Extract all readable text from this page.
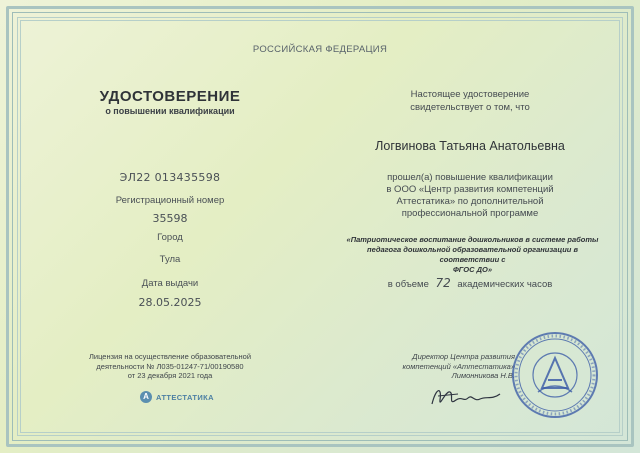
РОССИЙСКАЯ ФЕДЕРАЦИЯ
УДОСТОВЕРЕНИЕ
о повышении квалификации
ЭЛ22 013435598
Регистрационный номер
35598
Город
Тула
Дата выдачи
28.05.2025
Лицензия на осуществление образовательной
деятельности № Л035-01247-71/00190580
от 23 декабря 2021 года
А АТТЕСТАТИКА
Настоящее удостоверение
свидетельствует о том, что
Логвинова Татьяна Анатольевна
прошел(а) повышение квалификации
в ООО «Центр развития компетенций
Аттестатика» по дополнительной
профессиональной программе
«Патриотическое воспитание дошкольников в системе работы
педагога дошкольной образовательной организации в соответствии с
ФГОС ДО»
в объеме 72 академических часов
Директор Центра развития
компетенций «Аттестатика»
Лимонникова Н.В.
